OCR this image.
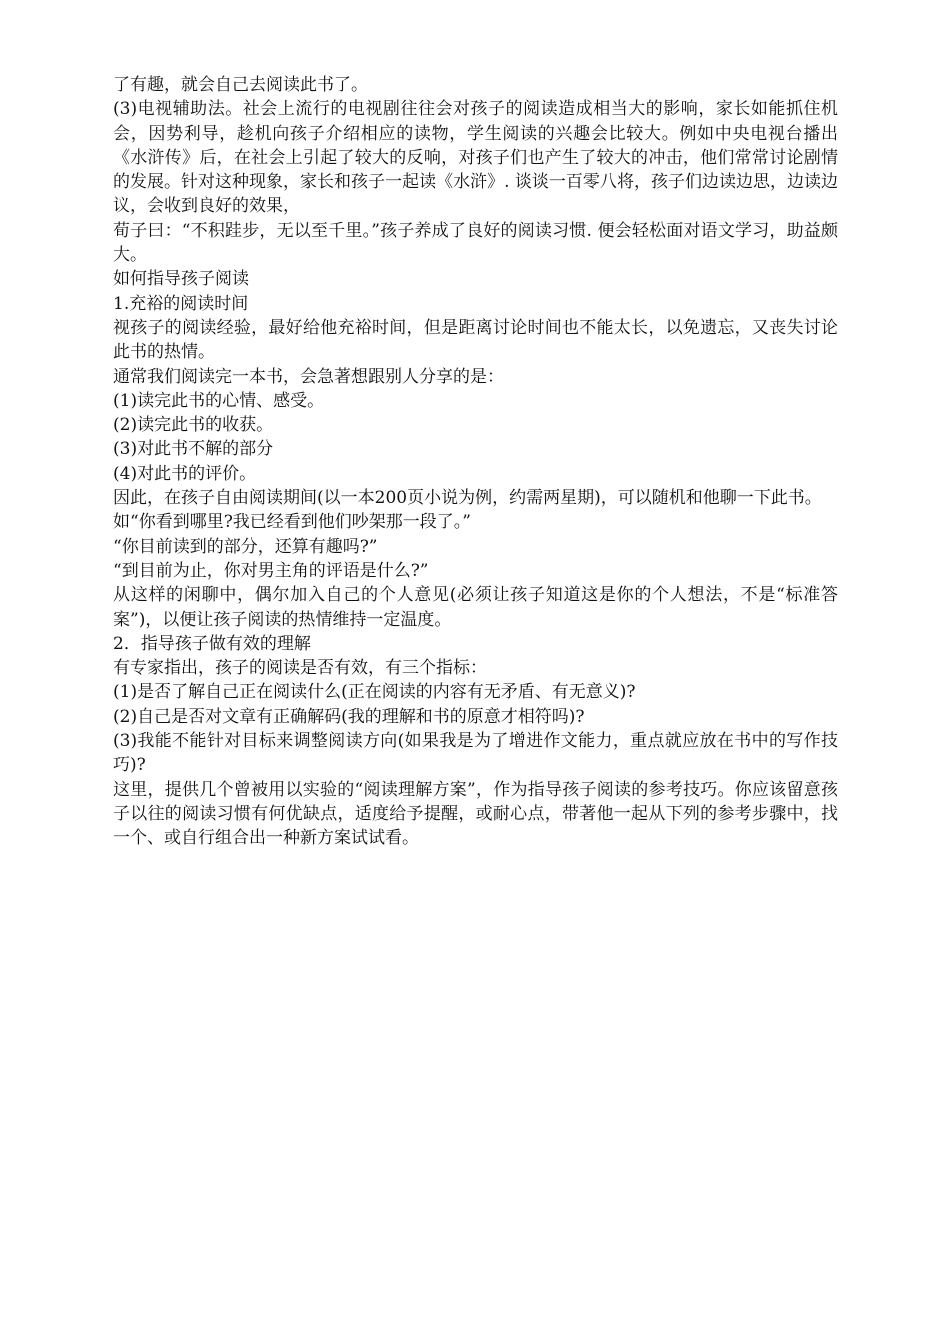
了有趣，就会自己去阅读此书了。

(3)电视辅助法。社会上流行的电视剧往往会对孩子的阅读造成相当大的影响，家长如能抓住机会，因势利导，趁机向孩子介绍相应的读物，学生阅读的兴趣会比较大。例如中央电视台播出《水浒传》后，在社会上引起了较大的反响，对孩子们也产生了较大的冲击，他们常常讨论剧情的发展。针对这种现象，家长和孩子一起读《水浒》. 谈谈一百零八将，孩子们边读边思，边读边议，会收到良好的效果，

荀子曰：“不积跬步，无以至千里。”孩子养成了良好的阅读习惯. 便会轻松面对语文学习，助益颇大。

如何指导孩子阅读

1.充裕的阅读时间

视孩子的阅读经验，最好给他充裕时间，但是距离讨论时间也不能太长，以免遗忘，又丧失讨论此书的热情。

通常我们阅读完一本书，会急著想跟别人分享的是：

(1)读完此书的心情、感受。

(2)读完此书的收获。

(3)对此书不解的部分

(4)对此书的评价。

因此，在孩子自由阅读期间(以一本200页小说为例，约需两星期)，可以随机和他聊一下此书。

如“你看到哪里?我已经看到他们吵架那一段了。”

“你目前读到的部分，还算有趣吗?”

“到目前为止，你对男主角的评语是什么?”

从这样的闲聊中，偶尔加入自己的个人意见(必须让孩子知道这是你的个人想法，不是“标准答案”)，以便让孩子阅读的热情维持一定温度。

2．指导孩子做有效的理解

有专家指出，孩子的阅读是否有效，有三个指标：

(1)是否了解自己正在阅读什么(正在阅读的内容有无矛盾、有无意义)?

(2)自己是否对文章有正确解码(我的理解和书的原意才相符吗)?

(3)我能不能针对目标来调整阅读方向(如果我是为了增进作文能力，重点就应放在书中的写作技巧)?

这里，提供几个曾被用以实验的“阅读理解方案”，作为指导孩子阅读的参考技巧。你应该留意孩子以往的阅读习惯有何优缺点，适度给予提醒，或耐心点，带著他一起从下列的参考步骤中，找一个、或自行组合出一种新方案试试看。
